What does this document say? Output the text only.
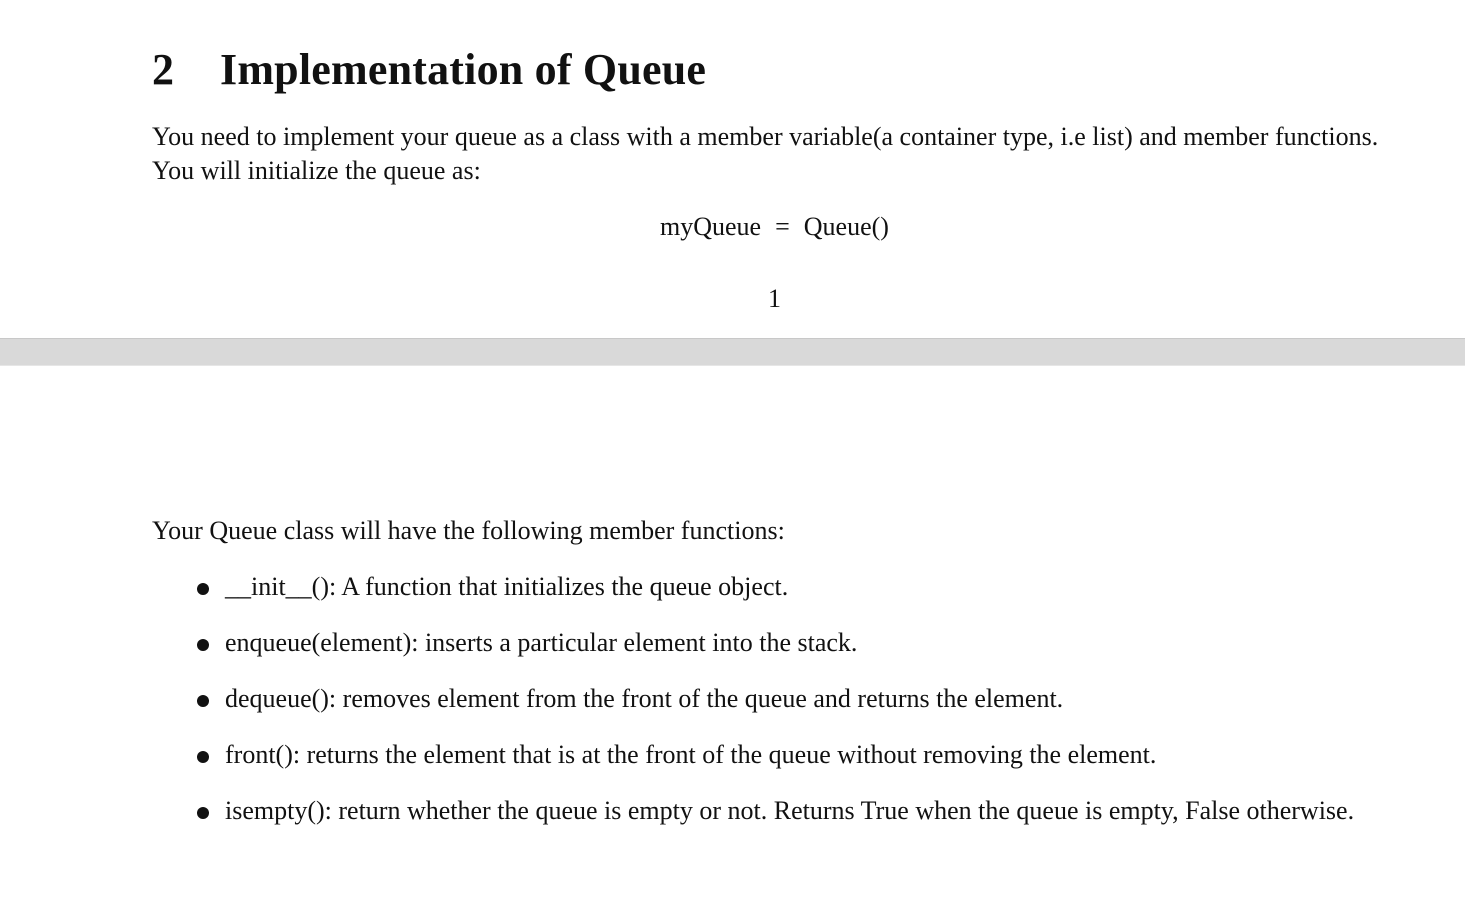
2 Implementation of Queue

You need to implement your queue as a class with a member variable(a container type, i.e list) and member functions. You will initialize the queue as:

myQueue = Queue()
1

Your Queue class will have the following member functions:

__init__(): A function that initializes the queue object.
enqueue(element): inserts a particular element into the stack.
dequeue(): removes element from the front of the queue and returns the element.
front(): returns the element that is at the front of the queue without removing the element.
isempty(): return whether the queue is empty or not. Returns True when the queue is empty, False otherwise.
